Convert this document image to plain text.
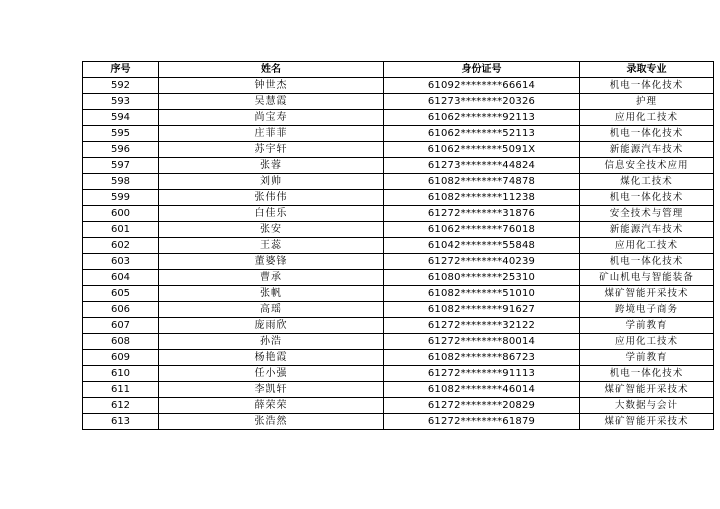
序号	姓名	身份证号	录取专业
592	钟世杰	61092********66614	机电一体化技术
593	吴慧霞	61273********20326	护理
594	尚宝寿	61062********92113	应用化工技术
595	庄菲菲	61062********52113	机电一体化技术
596	苏宇轩	61062********5091X	新能源汽车技术
597	张蓉	61273********44824	信息安全技术应用
598	刘帅	61082********74878	煤化工技术
599	张伟伟	61082********11238	机电一体化技术
600	白佳乐	61272********31876	安全技术与管理
601	张安	61062********76018	新能源汽车技术
602	王蕊	61042********55848	应用化工技术
603	董婆锋	61272********40239	机电一体化技术
604	曹承	61080********25310	矿山机电与智能装备
605	张帆	61082********51010	煤矿智能开采技术
606	高瑶	61082********91627	跨境电子商务
607	庞雨欣	61272********32122	学前教育
608	孙浩	61272********80014	应用化工技术
609	杨艳霞	61082********86723	学前教育
610	任小强	61272********91113	机电一体化技术
611	李凯轩	61082********46014	煤矿智能开采技术
612	薛荣荣	61272********20829	大数据与会计
613	张浩然	61272********61879	煤矿智能开采技术
